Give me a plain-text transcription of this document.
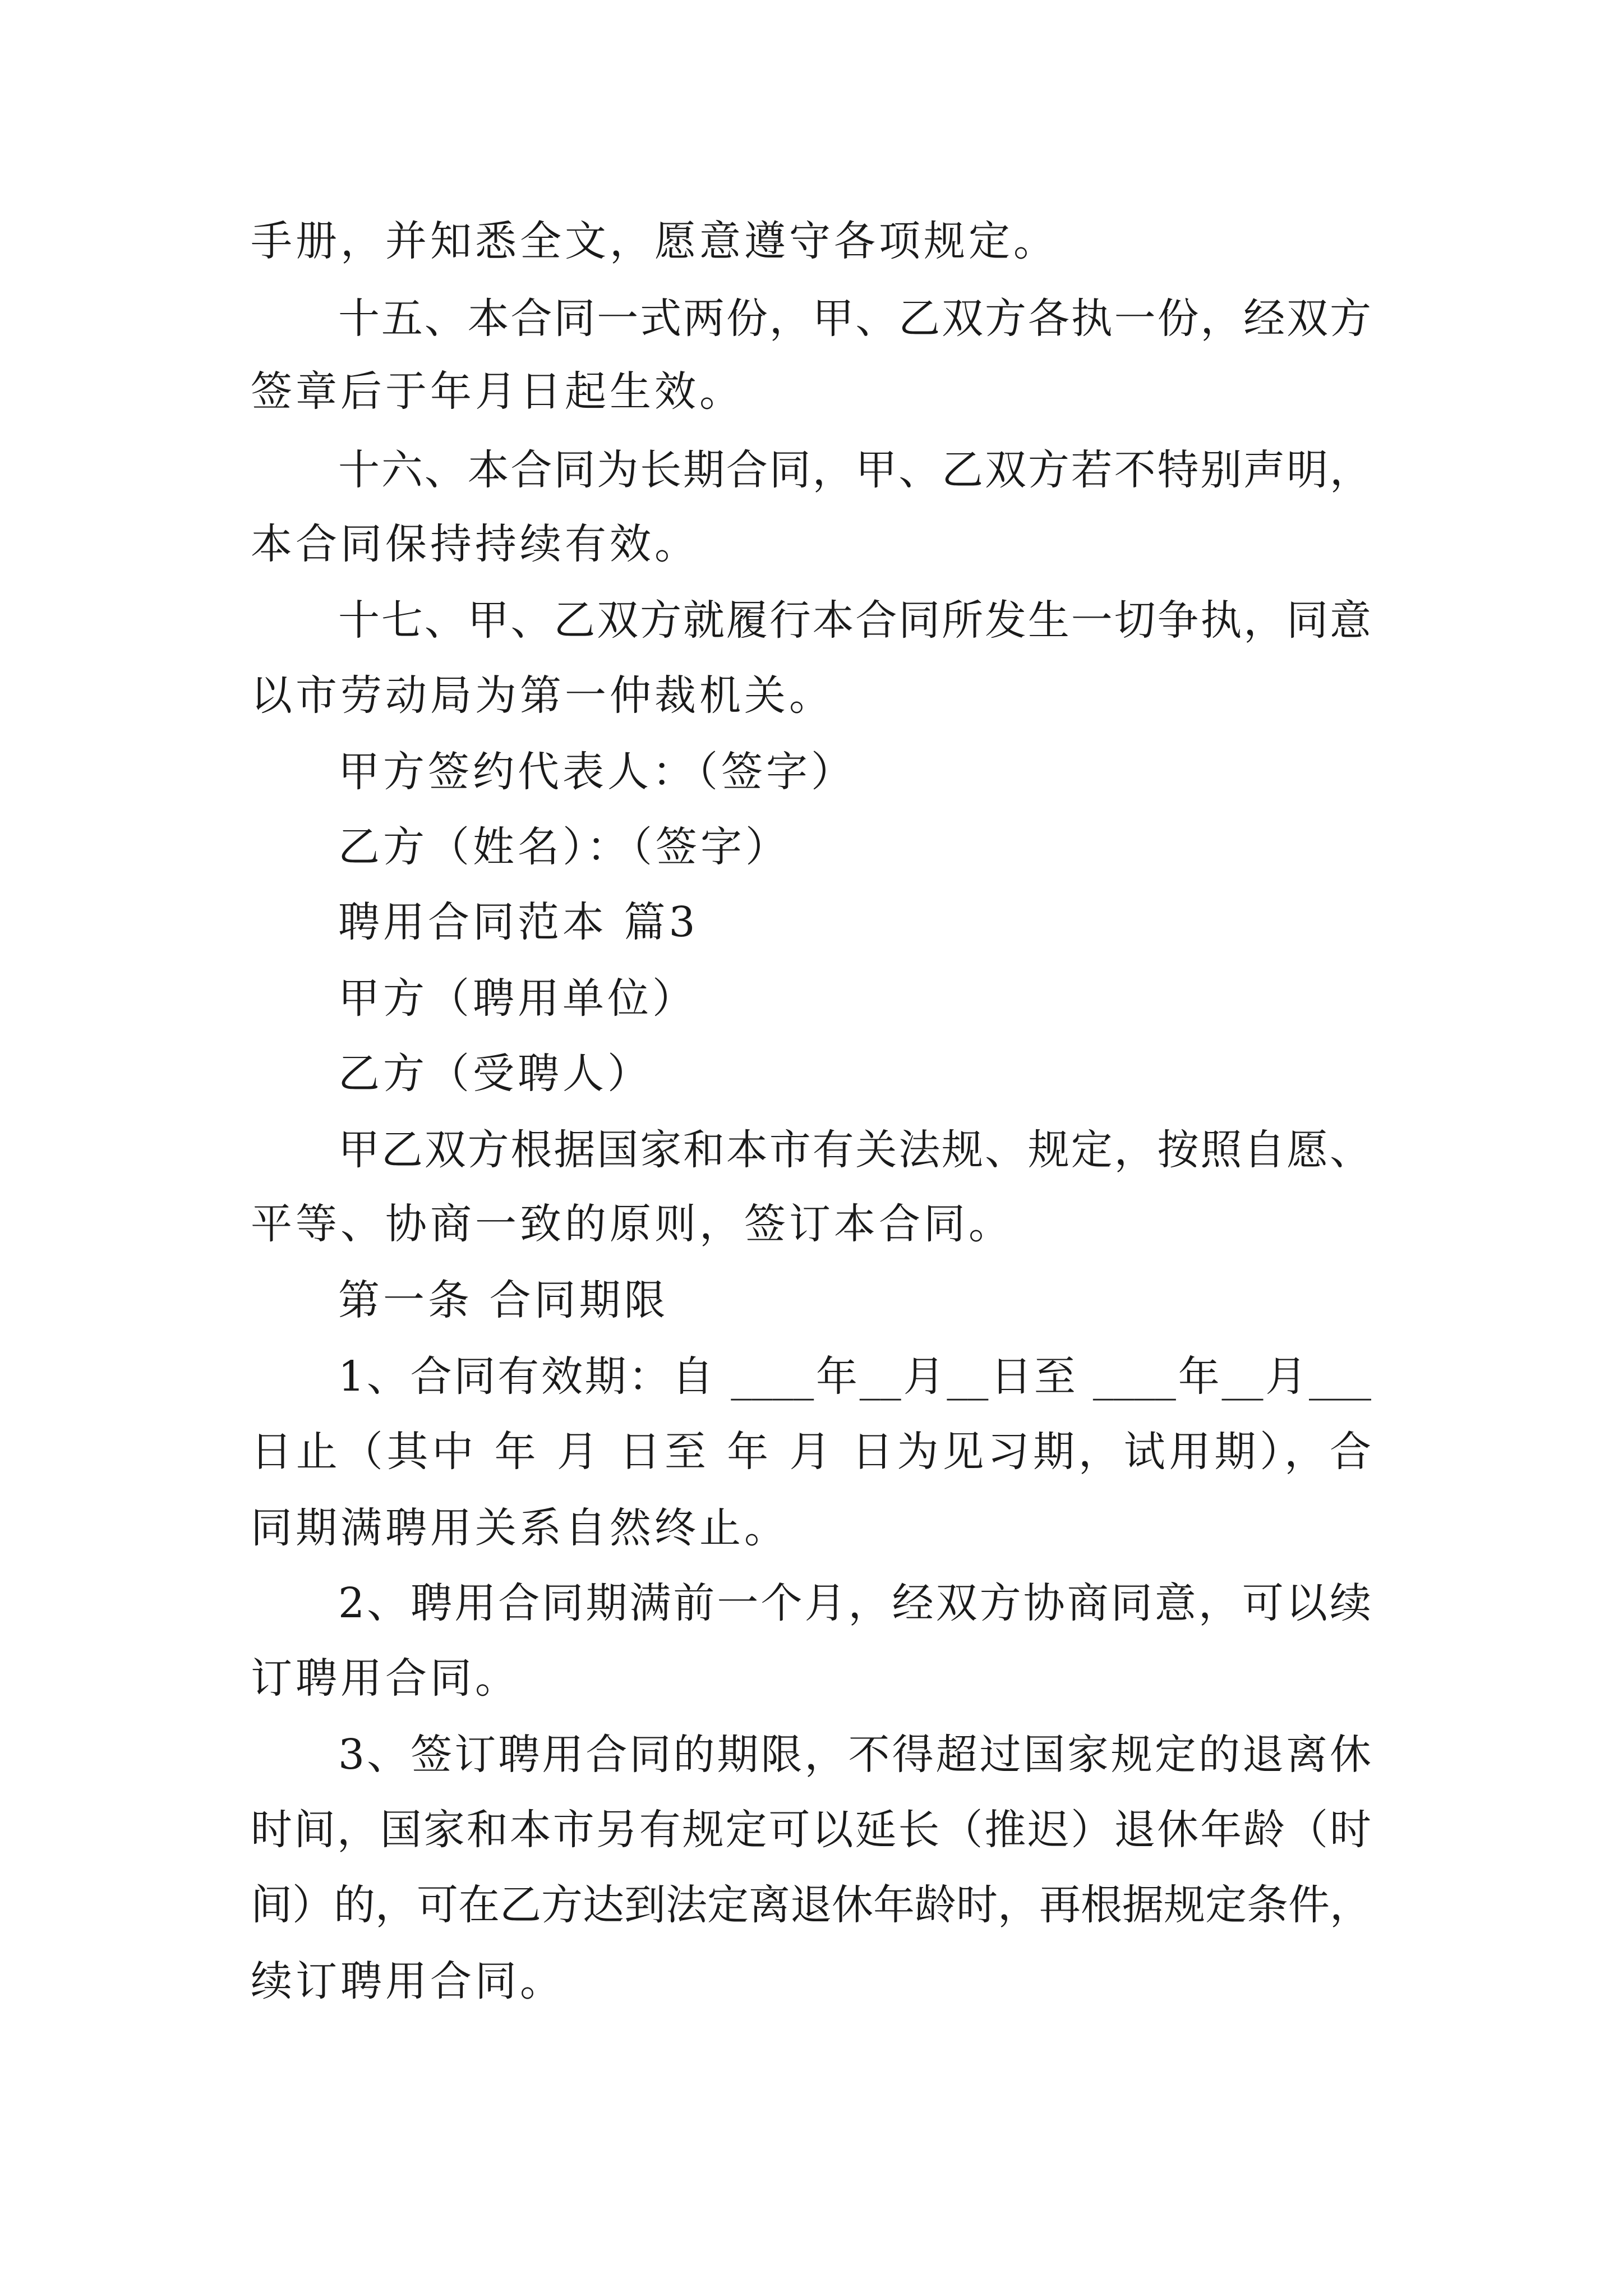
手册，并知悉全文，愿意遵守各项规定。
十五、本合同一式两份，甲、乙双方各执一份，经双方
签章后于年月日起生效。
十六、本合同为长期合同，甲、乙双方若不特别声明，
本合同保持持续有效。
十七、甲、乙双方就履行本合同所发生一切争执，同意
以市劳动局为第一仲裁机关。
甲方签约代表人：（签字）
乙方（姓名）：（签字）
聘用合同范本 篇3
甲方（聘用单位）
乙方（受聘人）
甲乙双方根据国家和本市有关法规、规定，按照自愿、
平等、协商一致的原则，签订本合同。
第一条 合同期限
1、合同有效期：自 ____年__月__日至 ____年__月___
日止（其中 年 月 日至 年 月 日为见习期，试用期），合
同期满聘用关系自然终止。
2、聘用合同期满前一个月，经双方协商同意，可以续
订聘用合同。
3、签订聘用合同的期限，不得超过国家规定的退离休
时间，国家和本市另有规定可以延长（推迟）退休年龄（时
间）的，可在乙方达到法定离退休年龄时，再根据规定条件，
续订聘用合同。
